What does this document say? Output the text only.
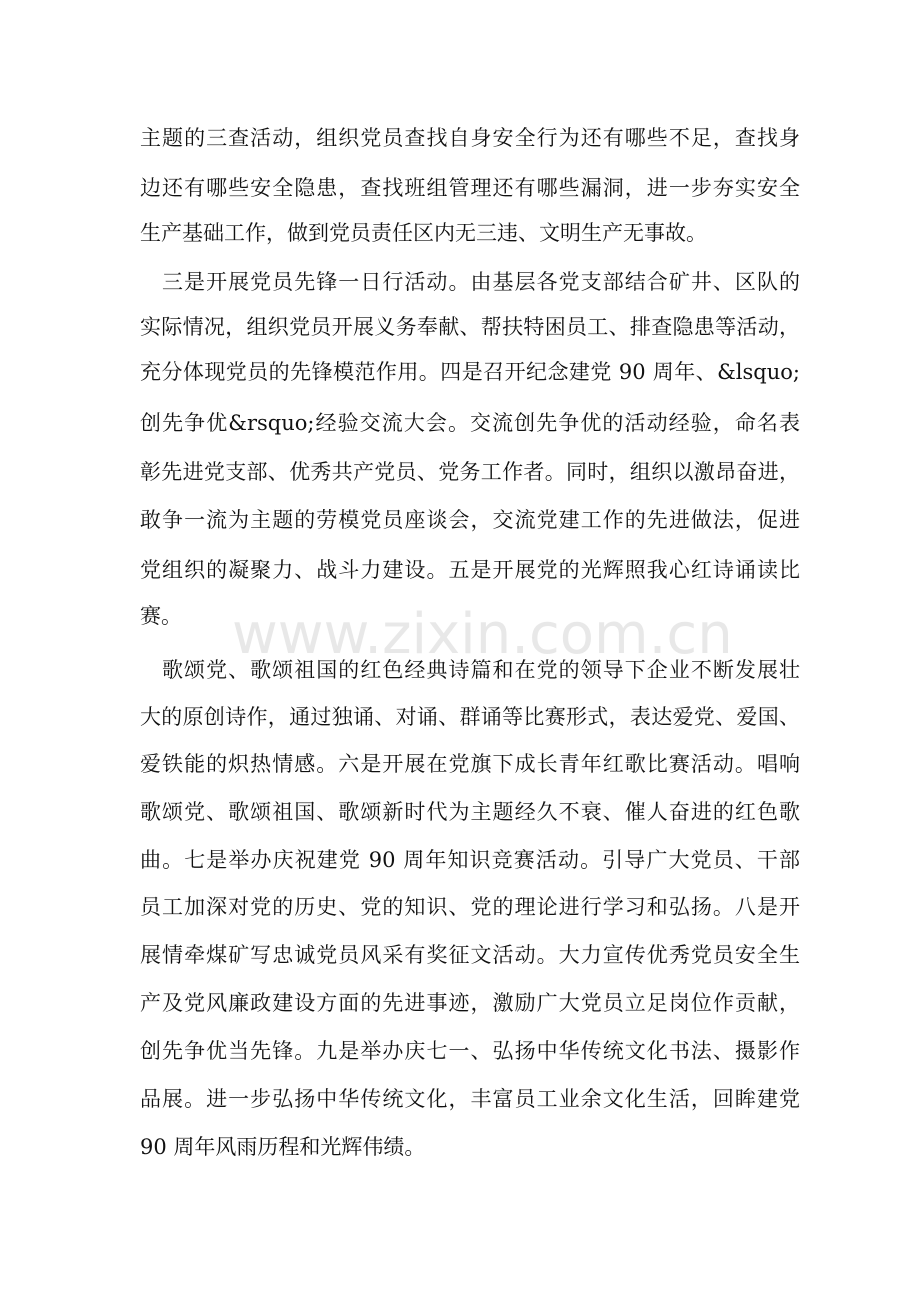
主题的三查活动，组织党员查找自身安全行为还有哪些不足，查找身
边还有哪些安全隐患，查找班组管理还有哪些漏洞，进一步夯实安全
生产基础工作，做到党员责任区内无三违、文明生产无事故。
三是开展党员先锋一日行活动。由基层各党支部结合矿井、区队的
实际情况，组织党员开展义务奉献、帮扶特困员工、排查隐患等活动，
充分体现党员的先锋模范作用。四是召开纪念建党 90 周年、&lsquo;
创先争优&rsquo;经验交流大会。交流创先争优的活动经验，命名表
彰先进党支部、优秀共产党员、党务工作者。同时，组织以激昂奋进，
敢争一流为主题的劳模党员座谈会，交流党建工作的先进做法，促进
党组织的凝聚力、战斗力建设。五是开展党的光辉照我心红诗诵读比
赛。
歌颂党、歌颂祖国的红色经典诗篇和在党的领导下企业不断发展壮
大的原创诗作，通过独诵、对诵、群诵等比赛形式，表达爱党、爱国、
爱铁能的炽热情感。六是开展在党旗下成长青年红歌比赛活动。唱响
歌颂党、歌颂祖国、歌颂新时代为主题经久不衰、催人奋进的红色歌
曲。七是举办庆祝建党 90 周年知识竞赛活动。引导广大党员、干部
员工加深对党的历史、党的知识、党的理论进行学习和弘扬。八是开
展情牵煤矿写忠诚党员风采有奖征文活动。大力宣传优秀党员安全生
产及党风廉政建设方面的先进事迹，激励广大党员立足岗位作贡献，
创先争优当先锋。九是举办庆七一、弘扬中华传统文化书法、摄影作
品展。进一步弘扬中华传统文化，丰富员工业余文化生活，回眸建党
90 周年风雨历程和光辉伟绩。
www.zixin.com.cn
